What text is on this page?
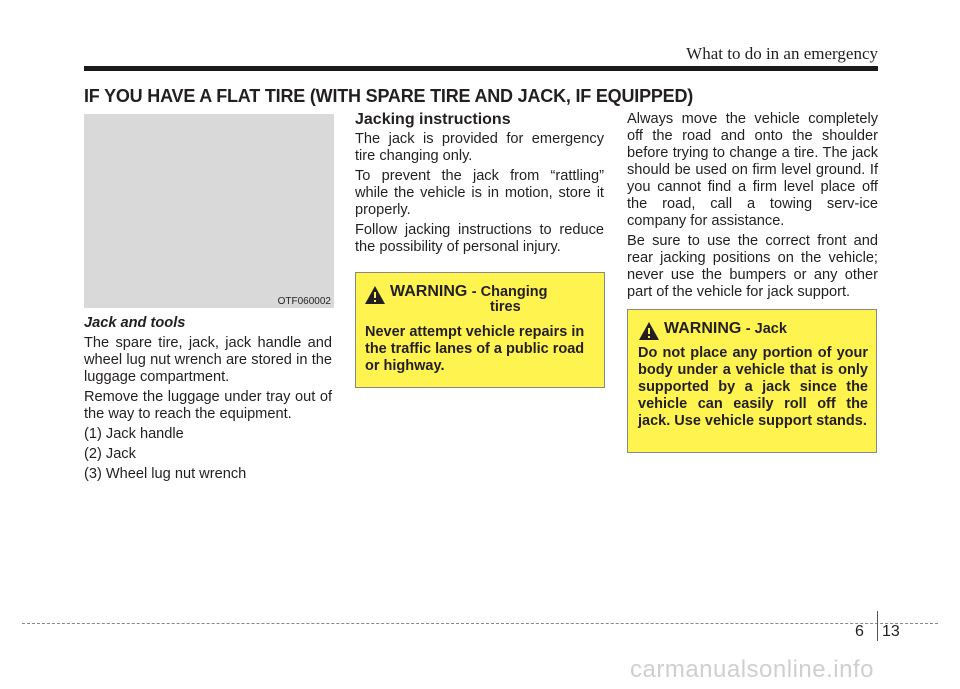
What to do in an emergency
IF YOU HAVE A FLAT TIRE (WITH SPARE TIRE AND JACK, IF EQUIPPED)
OTF060002

Jack and tools

The spare tire, jack, jack handle and wheel lug nut wrench are stored in the luggage compartment.

Remove the luggage under tray out of the way to reach the equipment.

(1) Jack handle

(2) Jack

(3) Wheel lug nut wrench

Jacking instructions

The jack is provided for emergency tire changing only.

To prevent the jack from “rattling” while the vehicle is in motion, store it properly.

Follow jacking instructions to reduce the possibility of personal injury.

WARNING - Changing
tires
Never attempt vehicle repairs in the traffic lanes of a public road or highway.

Always move the vehicle completely off the road and onto the shoulder before trying to change a tire. The jack should be used on firm level ground. If you cannot find a firm level place off the road, call a towing serv-ice company for assistance.

Be sure to use the correct front and rear jacking positions on the vehicle; never use the bumpers or any other part of the vehicle for jack support.

WARNING - Jack
Do not place any portion of your body under a vehicle that is only supported by a jack since the vehicle can easily roll off the jack. Use vehicle support stands.
6 13
carmanualsonline.info
